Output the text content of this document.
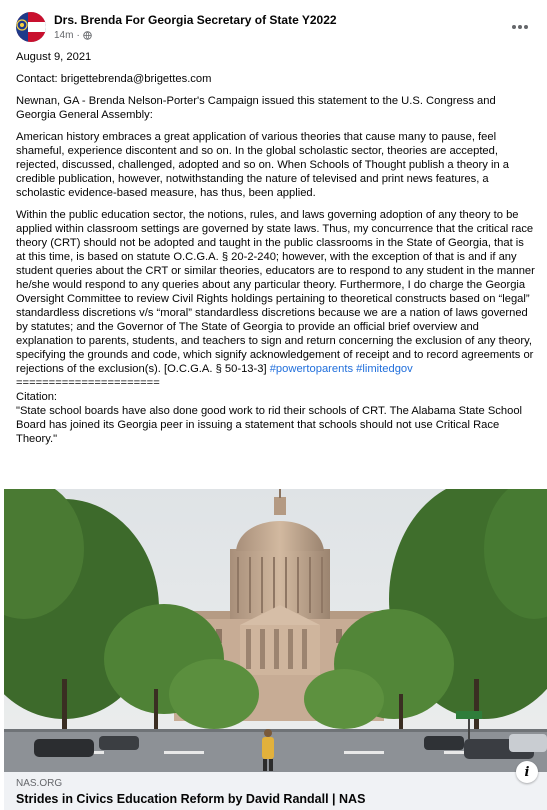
Drs. Brenda For Georgia Secretary of State Y2022
14m ·

August 9, 2021

Contact: brigettebrenda@brigettes.com

Newnan, GA - Brenda Nelson-Porter's Campaign issued this statement to the U.S. Congress and Georgia General Assembly:

American history embraces a great application of various theories that cause many to pause, feel shameful, experience discontent and so on. In the global scholastic sector, theories are accepted, rejected, discussed, challenged, adopted and so on. When Schools of Thought publish a theory in a credible publication, however, notwithstanding the nature of televised and print news features, a scholastic evidence-based measure, has thus, been applied.

Within the public education sector, the notions, rules, and laws governing adoption of any theory to be applied within classroom settings are governed by state laws. Thus, my concurrence that the critical race theory (CRT) should not be adopted and taught in the public classrooms in the State of Georgia, that is at this time, is based on statute O.C.G.A. § 20-2-240; however, with the exception of that is and if any student queries about the CRT or similar theories, educators are to respond to any student in the manner he/she would respond to any queries about any particular theory. Furthermore, I do charge the Georgia Oversight Committee to review Civil Rights holdings pertaining to theoretical constructs based on “legal” standardless discretions v/s “moral” standardless discretions because we are a nation of laws governed by statutes; and the Governor of The State of Georgia to provide an official brief overview and explanation to parents, students, and teachers to sign and return concerning the exclusion of any theory, specifying the grounds and code, which signify acknowledgement of receipt and to record agreements or rejections of the exclusion(s). [O.C.G.A. § 50-13-3] #powertoparents #limitedgov

======================

Citation:

"State school boards have also done good work to rid their schools of CRT. The Alabama State School Board has joined its Georgia peer in issuing a statement that schools should not use Critical Race Theory."

i
NAS.ORG
Strides in Civics Education Reform by David Randall | NAS
